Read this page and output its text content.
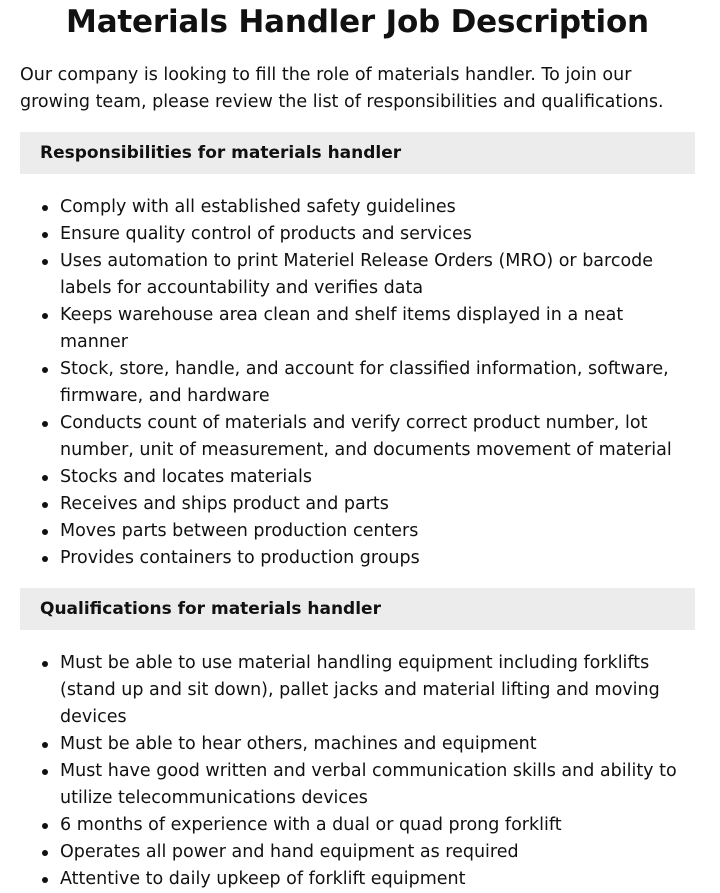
Materials Handler Job Description

Our company is looking to fill the role of materials handler. To join our growing team, please review the list of responsibilities and qualifications.

Responsibilities for materials handler
Comply with all established safety guidelines
Ensure quality control of products and services
Uses automation to print Materiel Release Orders (MRO) or barcode labels for accountability and verifies data
Keeps warehouse area clean and shelf items displayed in a neat manner
Stock, store, handle, and account for classified information, software, firmware, and hardware
Conducts count of materials and verify correct product number, lot number, unit of measurement, and documents movement of material
Stocks and locates materials
Receives and ships product and parts
Moves parts between production centers
Provides containers to production groups
Qualifications for materials handler
Must be able to use material handling equipment including forklifts (stand up and sit down), pallet jacks and material lifting and moving devices
Must be able to hear others, machines and equipment
Must have good written and verbal communication skills and ability to utilize telecommunications devices
6 months of experience with a dual or quad prong forklift
Operates all power and hand equipment as required
Attentive to daily upkeep of forklift equipment
